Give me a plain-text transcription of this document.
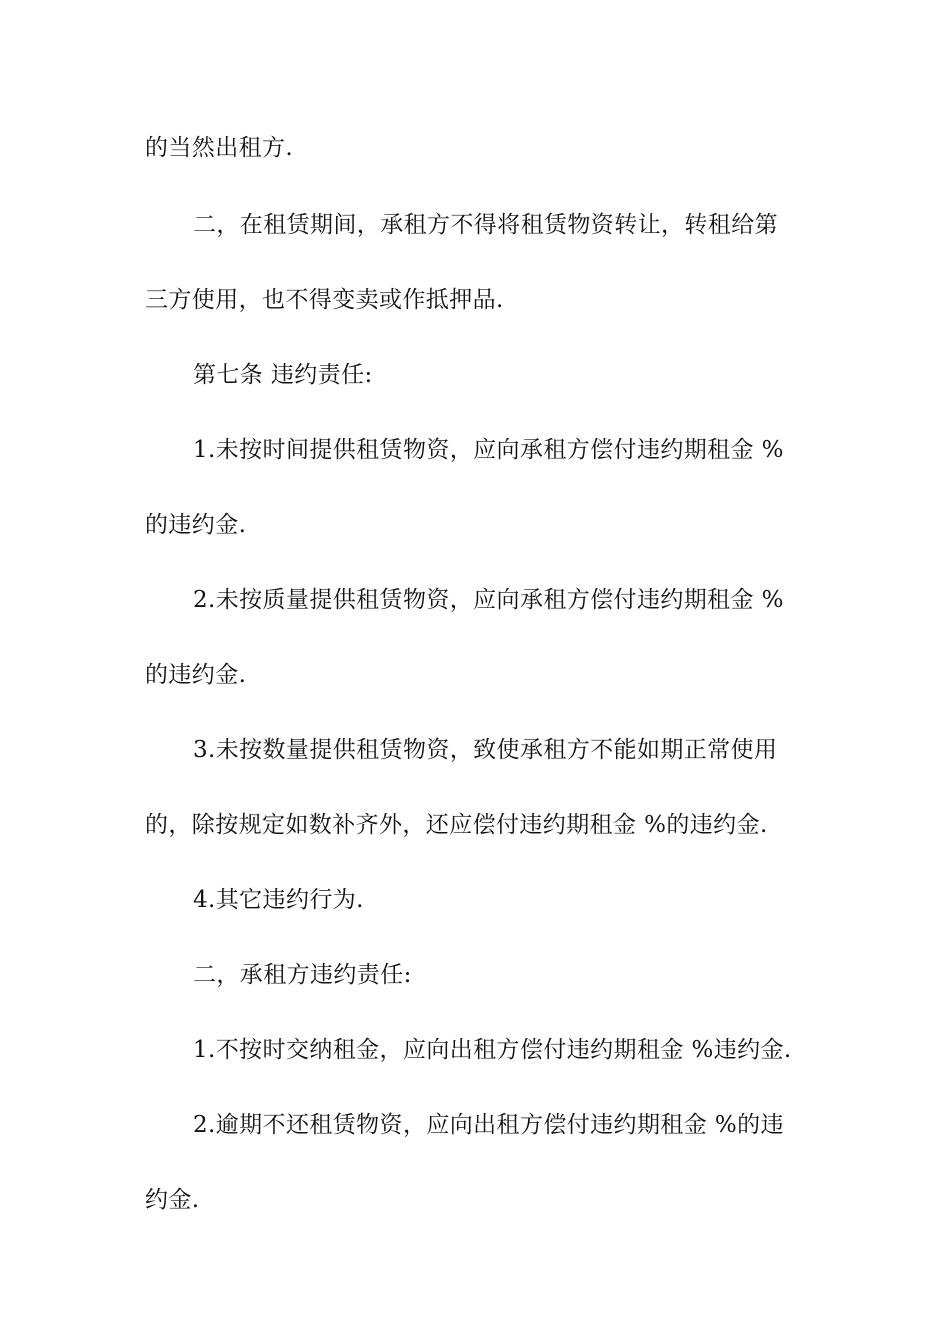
的当然出租方.
二，在租赁期间，承租方不得将租赁物资转让，转租给第
三方使用，也不得变卖或作抵押品.
第七条 违约责任:
1.未按时间提供租赁物资，应向承租方偿付违约期租金 %
的违约金.
2.未按质量提供租赁物资，应向承租方偿付违约期租金 %
的违约金.
3.未按数量提供租赁物资，致使承租方不能如期正常使用
的，除按规定如数补齐外，还应偿付违约期租金 %的违约金.
4.其它违约行为.
二，承租方违约责任:
1.不按时交纳租金，应向出租方偿付违约期租金 %违约金.
2.逾期不还租赁物资，应向出租方偿付违约期租金 %的违
约金.
